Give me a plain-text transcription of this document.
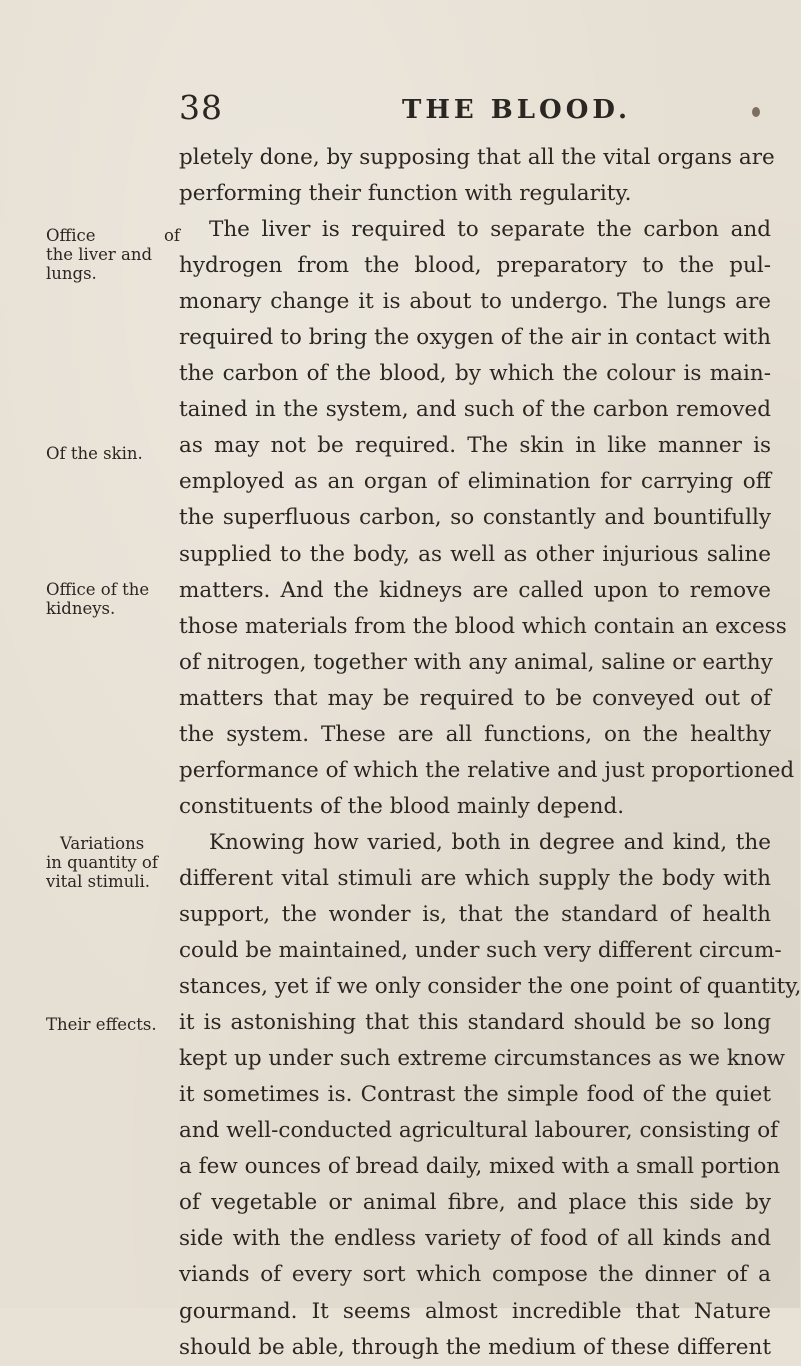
38	THE BLOOD.
pletely done, by supposing that all the vital organs are
performing their function with regularity.
The liver is required to separate the carbon and
hydrogen from the blood, preparatory to the pul-
monary change it is about to undergo. The lungs are
required to bring the oxygen of the air in contact with
the carbon of the blood, by which the colour is main-
tained in the system, and such of the carbon removed
as may not be required. The skin in like manner is
employed as an organ of elimination for carrying off
the superfluous carbon, so constantly and bountifully
supplied to the body, as well as other injurious saline
matters. And the kidneys are called upon to remove
those materials from the blood which contain an excess
of nitrogen, together with any animal, saline or earthy
matters that may be required to be conveyed out of
the system. These are all functions, on the healthy
performance of which the relative and just proportioned
constituents of the blood mainly depend.
Knowing how varied, both in degree and kind, the
different vital stimuli are which supply the body with
support, the wonder is, that the standard of health
could be maintained, under such very different circum-
stances, yet if we only consider the one point of quantity,
it is astonishing that this standard should be so long
kept up under such extreme circumstances as we know
it sometimes is. Contrast the simple food of the quiet
and well-conducted agricultural labourer, consisting of
a few ounces of bread daily, mixed with a small portion
of vegetable or animal fibre, and place this side by
side with the endless variety of food of all kinds and
viands of every sort which compose the dinner of a
gourmand. It seems almost incredible that Nature
should be able, through the medium of these different
Office of
the liver and
lungs.
Of the skin.
Office of the
kidneys.
Variations
in quantity of
vital stimuli.
Their effects.
